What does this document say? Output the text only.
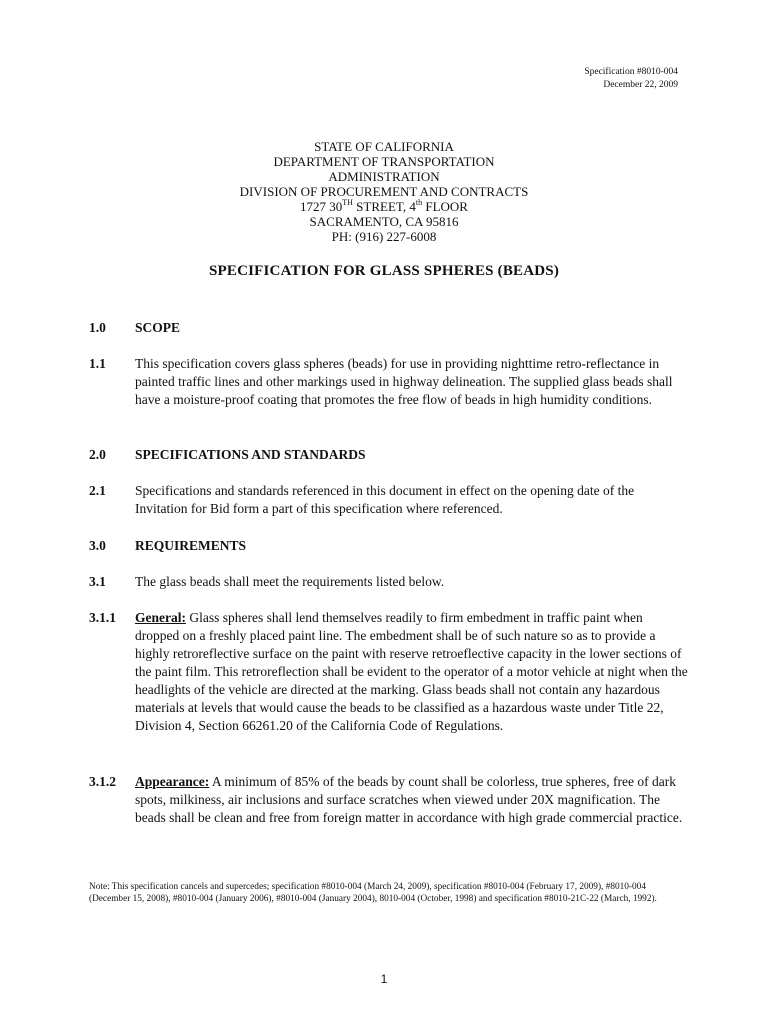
Specification #8010-004
December 22, 2009
STATE OF CALIFORNIA
DEPARTMENT OF TRANSPORTATION
ADMINISTRATION
DIVISION OF PROCUREMENT AND CONTRACTS
1727 30TH STREET, 4th FLOOR
SACRAMENTO, CA 95816
PH: (916) 227-6008
SPECIFICATION FOR GLASS SPHERES (BEADS)
1.0	SCOPE
1.1	This specification covers glass spheres (beads) for use in providing nighttime retro-reflectance in painted traffic lines and other markings used in highway delineation. The supplied glass beads shall have a moisture-proof coating that promotes the free flow of beads in high humidity conditions.
2.0	SPECIFICATIONS AND STANDARDS
2.1	Specifications and standards referenced in this document in effect on the opening date of the Invitation for Bid form a part of this specification where referenced.
3.0	REQUIREMENTS
3.1	The glass beads shall meet the requirements listed below.
3.1.1	General: Glass spheres shall lend themselves readily to firm embedment in traffic paint when dropped on a freshly placed paint line. The embedment shall be of such nature so as to provide a highly retroreflective surface on the paint with reserve retroeflective capacity in the lower sections of the paint film. This retroreflection shall be evident to the operator of a motor vehicle at night when the headlights of the vehicle are directed at the marking. Glass beads shall not contain any hazardous materials at levels that would cause the beads to be classified as a hazardous waste under Title 22, Division 4, Section 66261.20 of the California Code of Regulations.
3.1.2	Appearance: A minimum of 85% of the beads by count shall be colorless, true spheres, free of dark spots, milkiness, air inclusions and surface scratches when viewed under 20X magnification. The beads shall be clean and free from foreign matter in accordance with high grade commercial practice.
Note: This specification cancels and supercedes; specification #8010-004 (March 24, 2009), specification #8010-004 (February 17, 2009), #8010-004 (December 15, 2008), #8010-004 (January 2006), #8010-004 (January 2004), 8010-004 (October, 1998) and specification #8010-21C-22 (March, 1992).
1
